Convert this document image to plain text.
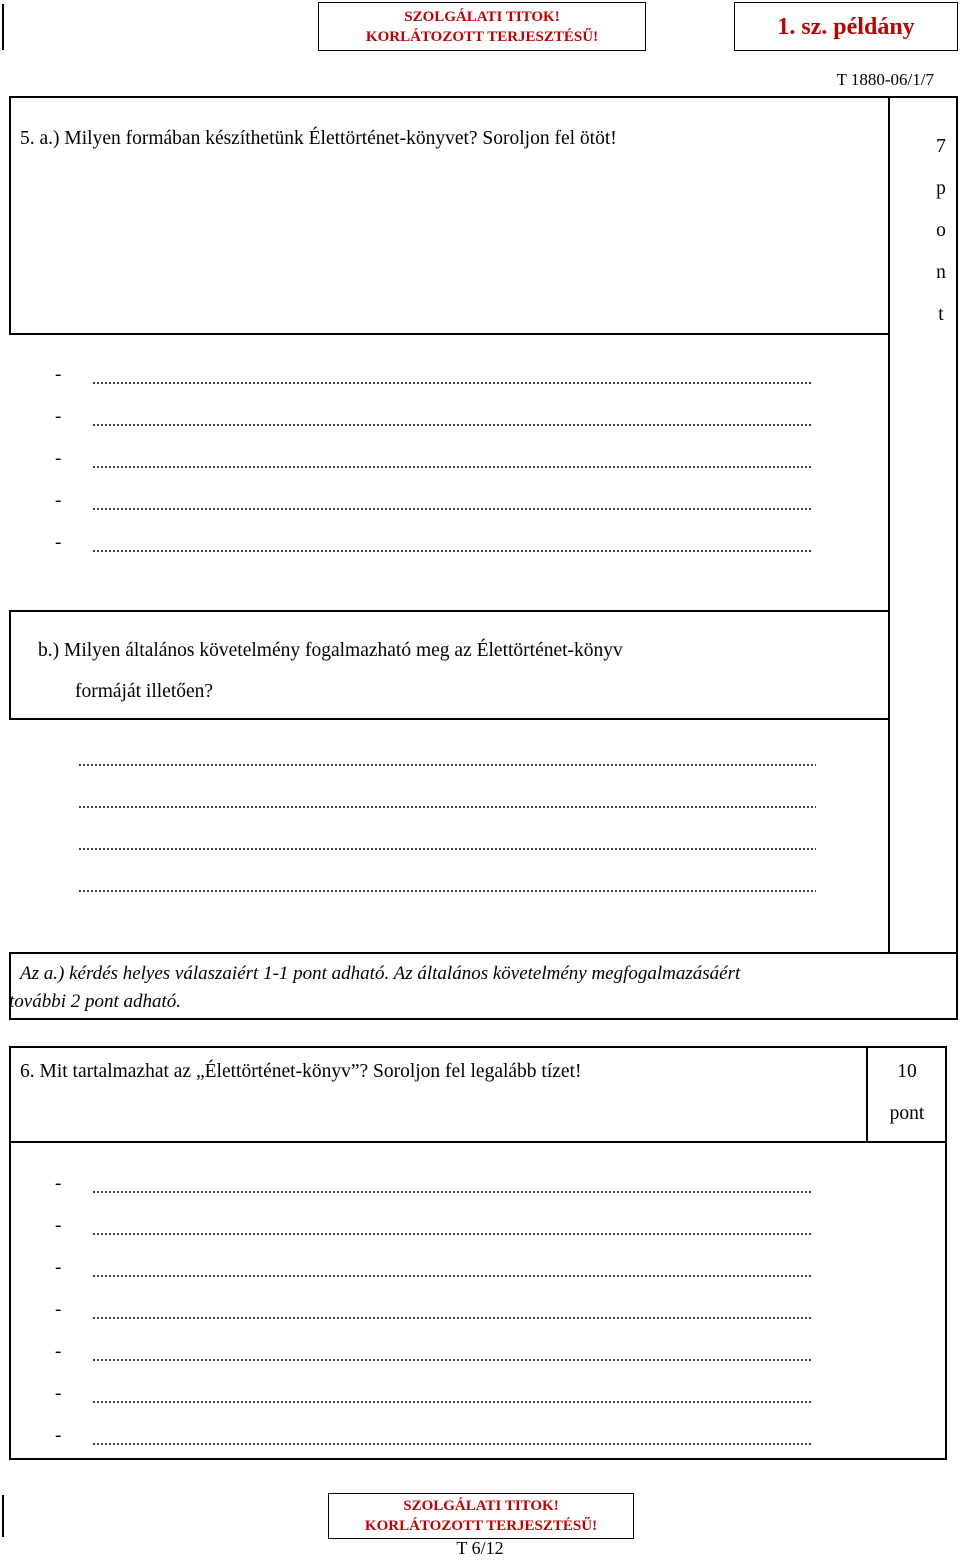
SZOLGÁLATI TITOK!
KORLÁTOZOTT TERJESZTÉSŰ!	1. sz. példány
T 1880-06/1/7
5. a.) Milyen formában készíthetünk Élettörténet-könyvet? Soroljon fel ötöt!	7
p
o
n
t
-
-
-
-
-
b.) Milyen általános követelmény fogalmazható meg az Élettörténet-könyv
formáját illetően?
Az a.) kérdés helyes válaszaiért 1-1 pont adható. Az általános követelmény megfogalmazásáért
további 2 pont adható.
6. Mit tartalmazhat az „Élettörténet-könyv”? Soroljon fel legalább tízet!	10
pont
-
-
-
-
-
-
-
SZOLGÁLATI TITOK!
KORLÁTOZOTT TERJESZTÉSŰ!
T 6/12
